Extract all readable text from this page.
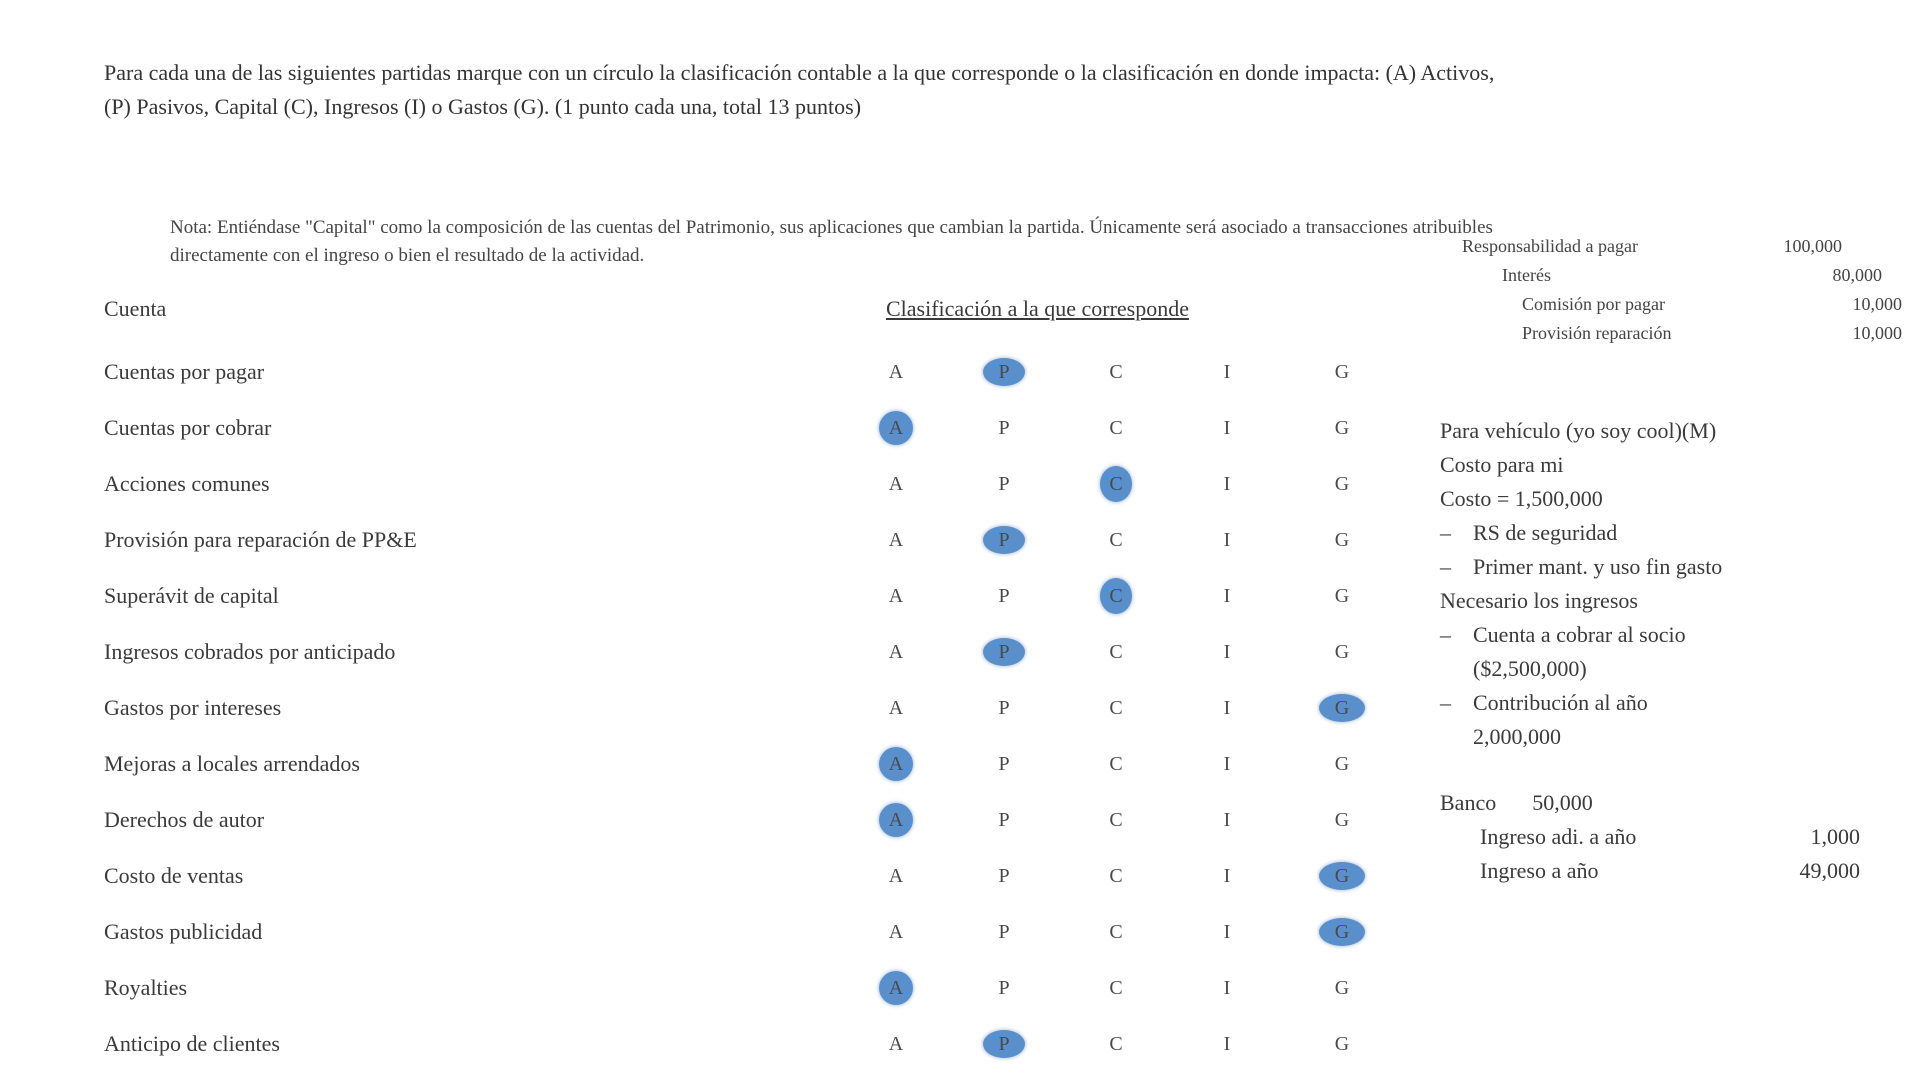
Para cada una de las siguientes partidas marque con un círculo la clasificación contable a la que corresponde o la clasificación en donde impacta: (A) Activos, (P) Pasivos, Capital (C), Ingresos (I) o Gastos (G). (1 punto cada una, total 13 puntos)
Nota: Entiéndase "Capital" como la composición de las cuentas del Patrimonio, sus aplicaciones que cambian la partida. Únicamente será asociado a transacciones atribuibles directamente con el ingreso o bien el resultado de la actividad.
Cuenta	Clasificación a la que corresponde
Cuentas por pagar	A	P	C	I	G
Cuentas por cobrar	A	P	C	I	G
Acciones comunes	A	P	C	I	G
Provisión para reparación de PP&E	A	P	C	I	G
Superávit de capital	A	P	C	I	G
Ingresos cobrados por anticipado	A	P	C	I	G
Gastos por intereses	A	P	C	I	G
Mejoras a locales arrendados	A	P	C	I	G
Derechos de autor	A	P	C	I	G
Costo de ventas	A	P	C	I	G
Gastos publicidad	A	P	C	I	G
Royalties	A	P	C	I	G
Anticipo de clientes	A	P	C	I	G
Responsabilidad a pagar	100,000
Interés	80,000
Comisión por pagar	10,000
Provisión reparación	10,000
Para vehículo (yo soy cool)(M)
Costo para mi
Costo = 1,500,000
–    RS de seguridad
–    Primer mant. y uso fin gasto
Necesario los ingresos
–    Cuenta a cobrar al socio
($2,500,000)
–    Contribución al año
2,000,000
Banco 50,000
Ingreso adi. a año	1,000
Ingreso a año	49,000
